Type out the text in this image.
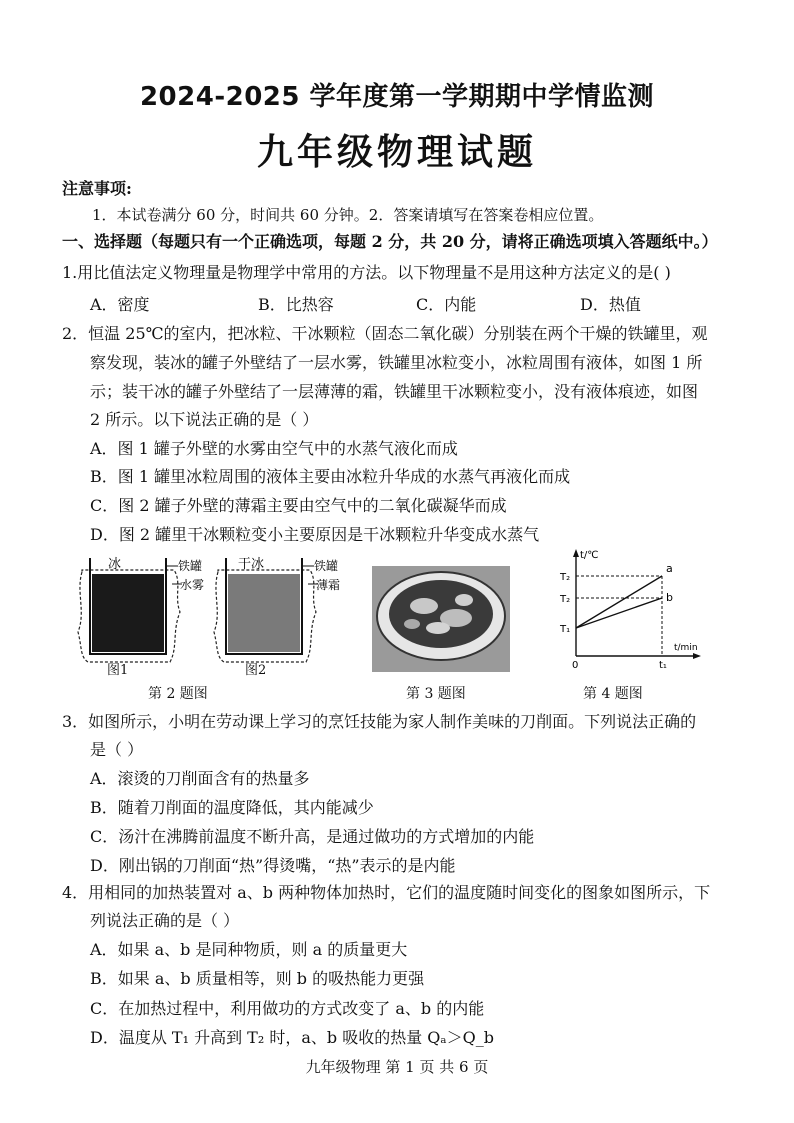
2024-2025 学年度第一学期期中学情监测
九年级物理试题
注意事项:
1．本试卷满分 60 分，时间共 60 分钟。2．答案请填写在答案卷相应位置。
一、选择题（每题只有一个正确选项，每题 2 分，共 20 分，请将正确选项填入答题纸中。）
1.用比值法定义物理量是物理学中常用的方法。以下物理量不是用这种方法定义的是( )
A．密度	B．比热容	C．内能	D．热值
2．恒温 25℃的室内，把冰粒、干冰颗粒（固态二氧化碳）分别装在两个干燥的铁罐里，观
察发现，装冰的罐子外壁结了一层水雾，铁罐里冰粒变小，冰粒周围有液体，如图 1 所
示；装干冰的罐子外壁结了一层薄薄的霜，铁罐里干冰颗粒变小，没有液体痕迹，如图
2 所示。以下说法正确的是（ ）
A．图 1 罐子外壁的水雾由空气中的水蒸气液化而成
B．图 1 罐里冰粒周围的液体主要由冰粒升华成的水蒸气再液化而成
C．图 2 罐子外壁的薄霜主要由空气中的二氧化碳凝华而成
D．图 2 罐里干冰颗粒变小主要原因是干冰颗粒升华变成水蒸气
冰	铁罐
水雾
图1
干冰	铁罐
薄霜
图2
第 2 题图	第 3 题图
t/℃
t/min
0	t₁
T₂
T₂
T₁
a
b
第 4 题图
3．如图所示，小明在劳动课上学习的烹饪技能为家人制作美味的刀削面。下列说法正确的
是（ ）
A．滚烫的刀削面含有的热量多
B．随着刀削面的温度降低，其内能减少
C．汤汁在沸腾前温度不断升高，是通过做功的方式增加的内能
D．刚出锅的刀削面“热”得烫嘴，“热”表示的是内能
4．用相同的加热装置对 a、b 两种物体加热时，它们的温度随时间变化的图象如图所示，下
列说法正确的是（ ）
A．如果 a、b 是同种物质，则 a 的质量更大
B．如果 a、b 质量相等，则 b 的吸热能力更强
C．在加热过程中，利用做功的方式改变了 a、b 的内能
D．温度从 T₁ 升高到 T₂ 时，a、b 吸收的热量 Qₐ＞Q_b
九年级物理 第 1 页 共 6 页
